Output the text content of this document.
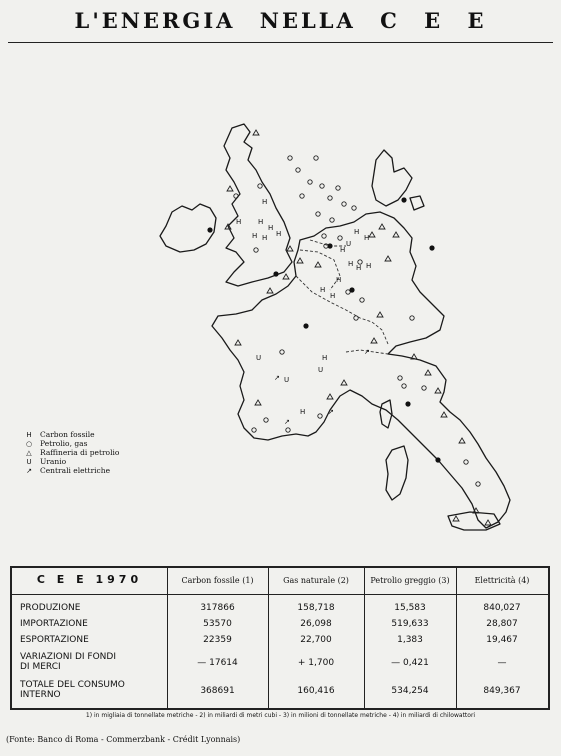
L'ENERGIA NELLA C E E
H
H
H
H H H
H
H
H
H
H H H
H
H
H
H
H
U
U
U
U
↗
↗
↗
↗
H	Carbon fossile
○	Petrolio, gas
△	Raffineria di petrolio
U	Uranio
↗	Centrali elettriche
C E E 1970	Carbon fossile (1)	Gas naturale (2)	Petrolio greggio (3)	Elettricità (4)
PRODUZIONE	317866	158,718	15,583	840,027
IMPORTAZIONE	53570	26,098	519,633	28,807
ESPORTAZIONE	22359	22,700	1,383	19,467
VARIAZIONI DI FONDI
DI MERCI	— 17614	+ 1,700	— 0,421	—
TOTALE DEL CONSUMO
INTERNO	368691	160,416	534,254	849,367
1) in migliaia di tonnellate metriche - 2) in miliardi di metri cubi - 3) in milioni di tonnellate metriche - 4) in miliardi di chilowattori
(Fonte: Banco di Roma - Commerzbank - Crédit Lyonnais)
